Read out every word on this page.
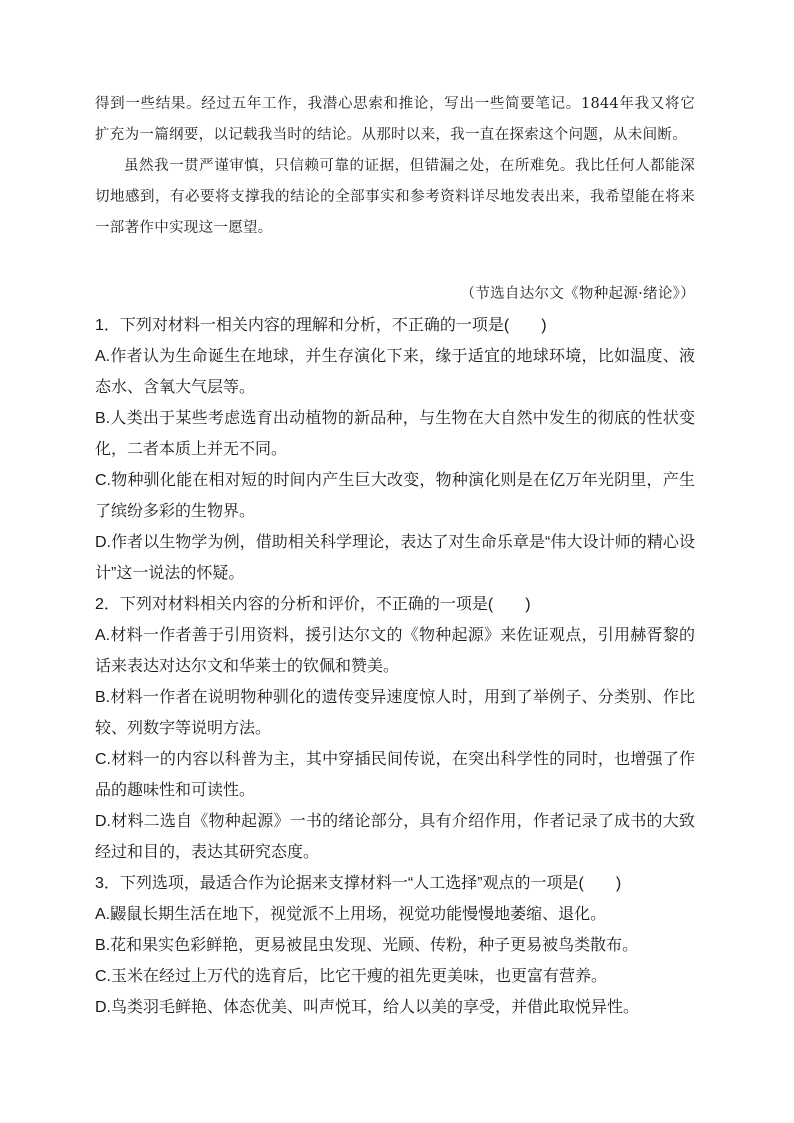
得到一些结果。经过五年工作，我潜心思索和推论，写出一些简要笔记。1844年我又将它扩充为一篇纲要，以记载我当时的结论。从那时以来，我一直在探索这个问题，从未间断。

虽然我一贯严谨审慎，只信赖可靠的证据，但错漏之处，在所难免。我比任何人都能深切地感到，有必要将支撑我的结论的全部事实和参考资料详尽地发表出来，我希望能在将来一部著作中实现这一愿望。

（节选自达尔文《物种起源·绪论》）
1．下列对材料一相关内容的理解和分析，不正确的一项是(　　)
A.作者认为生命诞生在地球，并生存演化下来，缘于适宜的地球环境，比如温度、液态水、含氧大气层等。
B.人类出于某些考虑选育出动植物的新品种，与生物在大自然中发生的彻底的性状变化，二者本质上并无不同。
C.物种驯化能在相对短的时间内产生巨大改变，物种演化则是在亿万年光阴里，产生了缤纷多彩的生物界。
D.作者以生物学为例，借助相关科学理论，表达了对生命乐章是“伟大设计师的精心设计”这一说法的怀疑。
2．下列对材料相关内容的分析和评价，不正确的一项是(　　)
A.材料一作者善于引用资料，援引达尔文的《物种起源》来佐证观点，引用赫胥黎的话来表达对达尔文和华莱士的钦佩和赞美。
B.材料一作者在说明物种驯化的遗传变异速度惊人时，用到了举例子、分类别、作比较、列数字等说明方法。
C.材料一的内容以科普为主，其中穿插民间传说，在突出科学性的同时，也增强了作品的趣味性和可读性。
D.材料二选自《物种起源》一书的绪论部分，具有介绍作用，作者记录了成书的大致经过和目的，表达其研究态度。
3．下列选项，最适合作为论据来支撑材料一“人工选择”观点的一项是(　　)
A.鼹鼠长期生活在地下，视觉派不上用场，视觉功能慢慢地萎缩、退化。
B.花和果实色彩鲜艳，更易被昆虫发现、光顾、传粉，种子更易被鸟类散布。
C.玉米在经过上万代的选育后，比它干瘦的祖先更美味，也更富有营养。
D.鸟类羽毛鲜艳、体态优美、叫声悦耳，给人以美的享受，并借此取悦异性。
